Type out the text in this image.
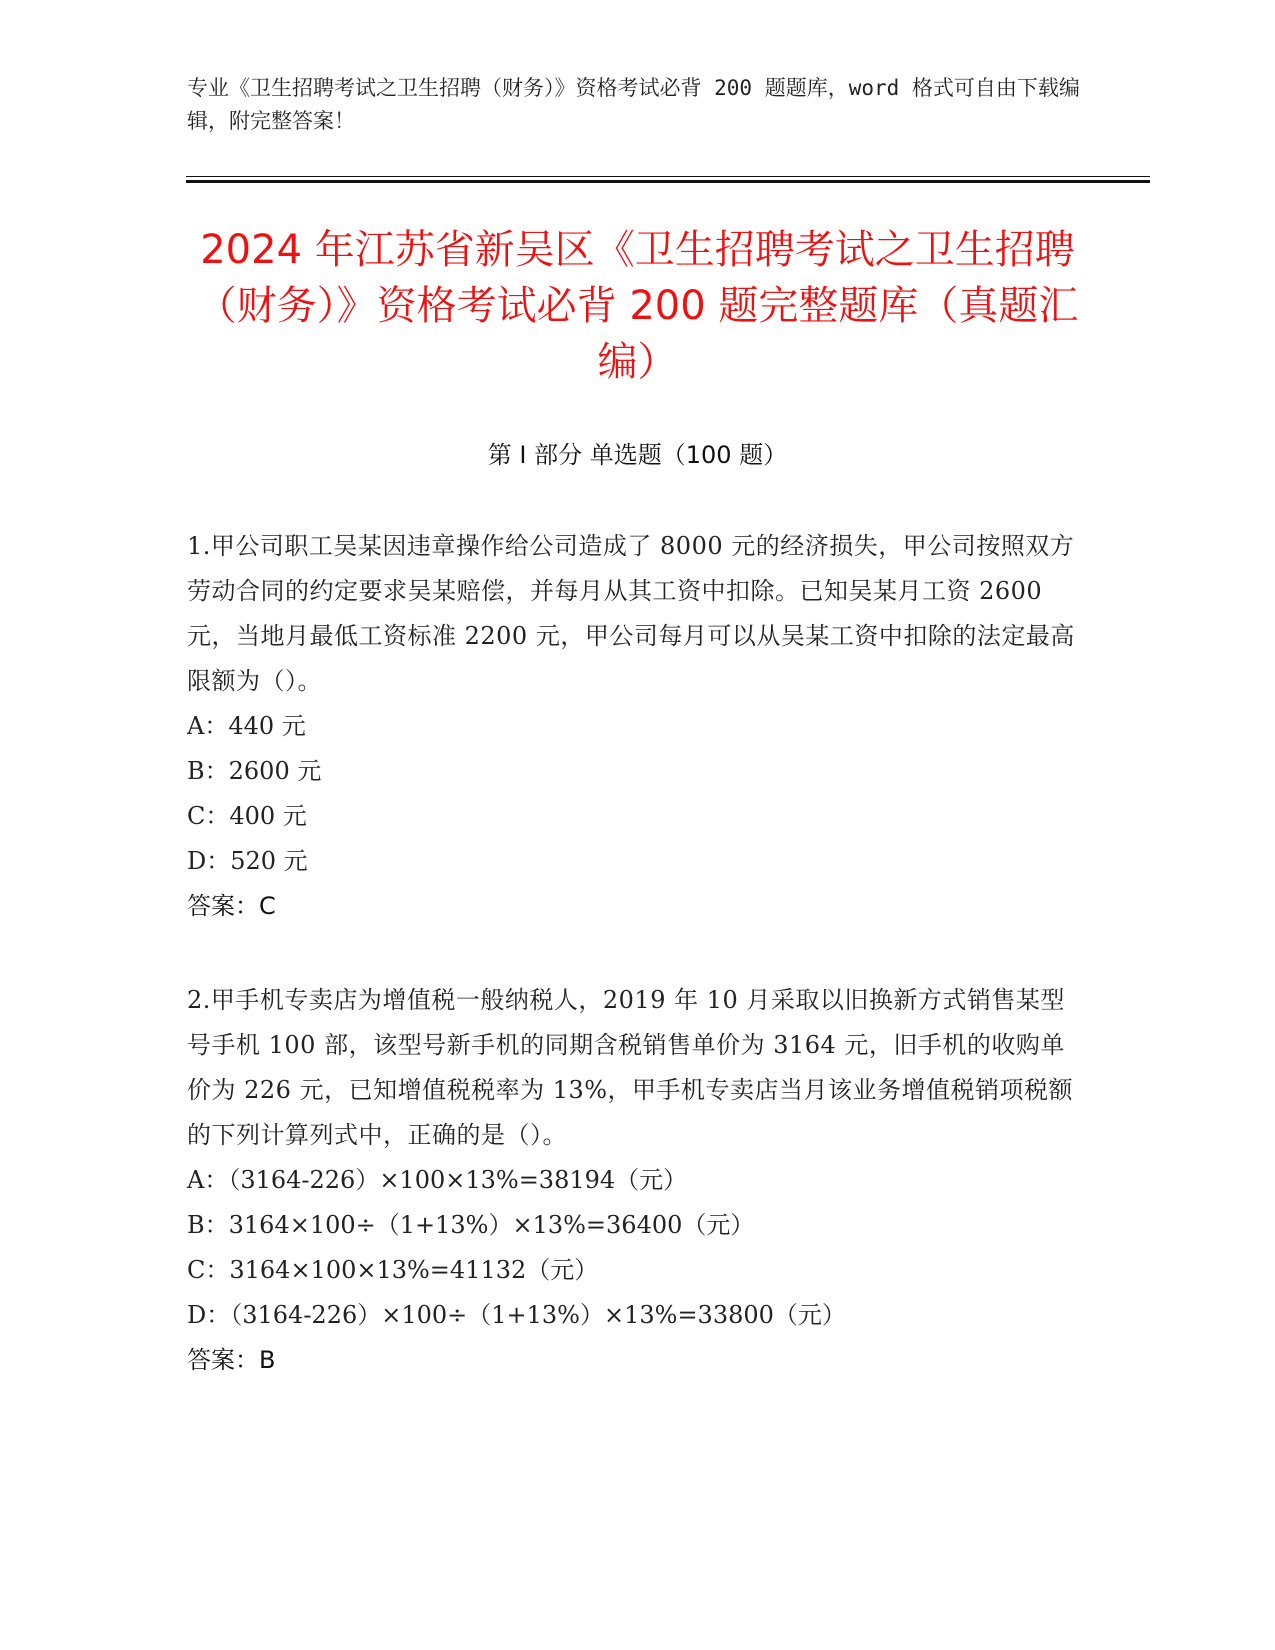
专业《卫生招聘考试之卫生招聘（财务）》资格考试必背 200 题题库，word 格式可自由下载编辑，附完整答案！
2024 年江苏省新吴区《卫生招聘考试之卫生招聘（财务）》资格考试必背 200 题完整题库（真题汇编）
第 I 部分 单选题（100 题）
1.甲公司职工吴某因违章操作给公司造成了 8000 元的经济损失，甲公司按照双方劳动合同的约定要求吴某赔偿，并每月从其工资中扣除。已知吴某月工资 2600 元，当地月最低工资标准 2200 元，甲公司每月可以从吴某工资中扣除的法定最高限额为（）。
A：440 元
B：2600 元
C：400 元
D：520 元
答案：C
2.甲手机专卖店为增值税一般纳税人，2019 年 10 月采取以旧换新方式销售某型号手机 100 部，该型号新手机的同期含税销售单价为 3164 元，旧手机的收购单价为 226 元，已知增值税税率为 13%，甲手机专卖店当月该业务增值税销项税额的下列计算列式中，正确的是（）。
A：（3164-226）×100×13%=38194（元）
B：3164×100÷（1+13%）×13%=36400（元）
C：3164×100×13%=41132（元）
D：（3164-226）×100÷（1+13%）×13%=33800（元）
答案：B
